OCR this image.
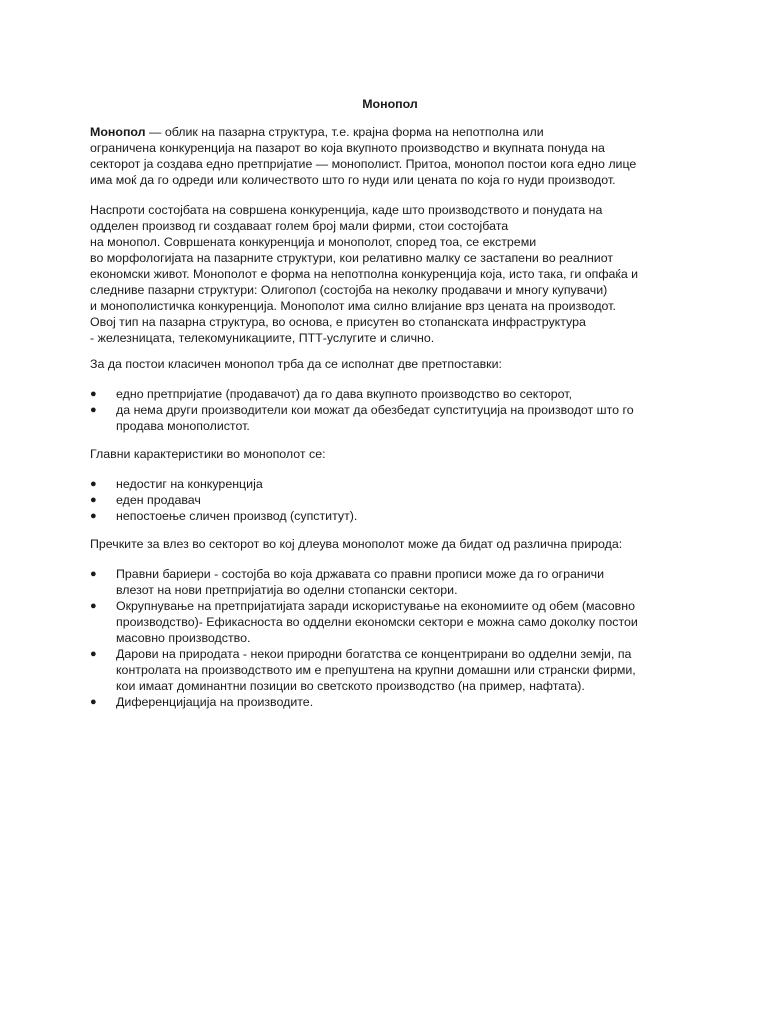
Монопол

Монопол — облик на пазарна структура, т.е. крајна форма на непотполна или
ограничена конкуренција на пазарот во која вкупното производство и вкупната понуда на
секторот ја создава едно претпријатие — монополист. Притоа, монопол постои кога едно лице
има моќ да го одреди или количеството што го нуди или цената по која го нуди производот.

Наспроти состојбата на совршена конкуренција, каде што производството и понудата на
одделен производ ги создаваат голем број мали фирми, стои состојбата
на монопол. Совршената конкуренција и монополот, според тоа, се екстреми
во морфологијата на пазарните структури, кои релативно малку се застапени во реалниот
економски живот. Монополот е форма на непотполна конкуренција која, исто така, ги опфаќа и
следниве пазарни структури: Олигопол (состојба на неколку продавачи и многу купувачи)
и монополистичка конкуренција. Монополот има силно влијание врз цената на производот.
Овој тип на пазарна структура, во основа, е присутен во стопанската инфраструктура
- железницата, телекомуникациите, ПТТ-услугите и слично.

За да постои класичен монопол трба да се исполнат две претпоставки:

● едно претпријатие (продавачот) да го дава вкупното производство во секторот,
● да нема други производители кои можат да обезбедат супституција на производот што го
продава монополистот.

Главни карактеристики во монополот се:

● недостиг на конкуренција
● еден продавач
● непостоење сличен производ (супститут).

Пречките за влез во секторот во кој длеува монополот може да бидат од различна природа:

● Правни бариери - состојба во која државата со правни прописи може да го ограничи
влезот на нови претпријатија во оделни стопански сектори.
● Окрупнување на претпријатијата заради искористување на економиите од обем (масовно
производство)- Ефикасноста во одделни економски сектори е можна само доколку постои
масовно производство.
● Дарови на природата - некои природни богатства се концентрирани во одделни земји, па
контролата на производството им е препуштена на крупни домашни или странски фирми,
кои имаат доминантни позиции во светското производство (на пример, нафтата).
● Диференцијација на производите.
